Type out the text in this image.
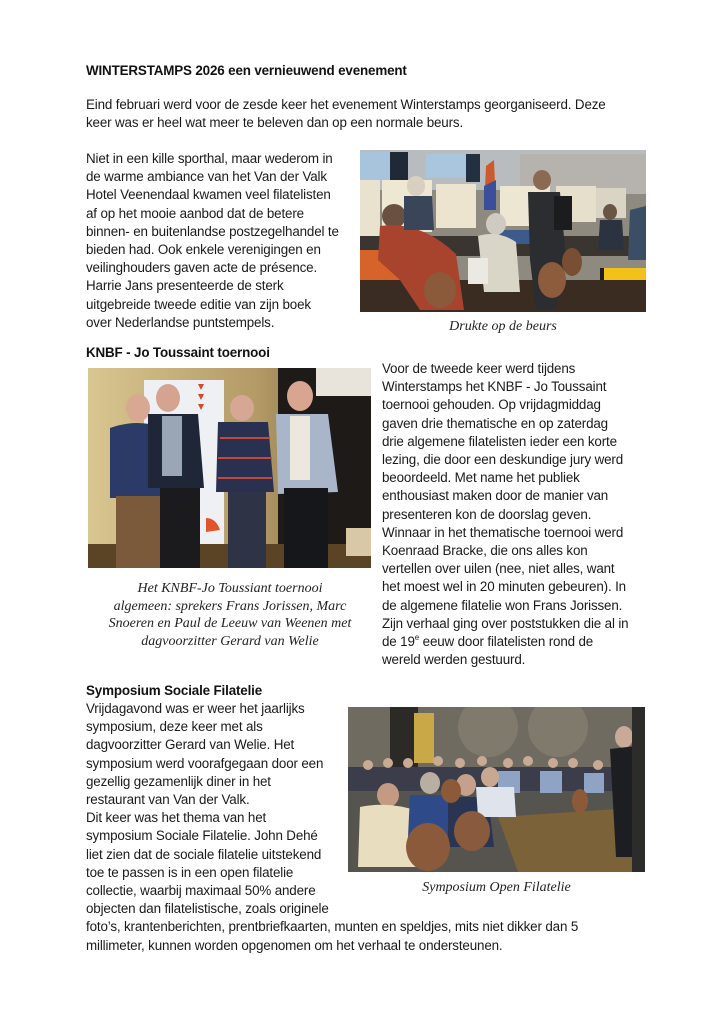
WINTERSTAMPS 2026 een vernieuwend evenement
Eind februari werd voor de zesde keer het evenement Winterstamps georganiseerd. Deze
keer was er heel wat meer te beleven dan op een normale beurs.
Niet in een kille sporthal, maar wederom in
de warme ambiance van het Van der Valk
Hotel Veenendaal kwamen veel filatelisten
af op het mooie aanbod dat de betere
binnen- en buitenlandse postzegelhandel te
bieden had. Ook enkele verenigingen en
veilinghouders gaven acte de présence.
Harrie Jans presenteerde de sterk
uitgebreide tweede editie van zijn boek
over Nederlandse puntstempels.	Drukte op de beurs
KNBF - Jo Toussaint toernooi
Het KNBF-Jo Toussiant toernooi
algemeen: sprekers Frans Jorissen, Marc
Snoeren en Paul de Leeuw van Weenen met
dagvoorzitter Gerard van Welie
Voor de tweede keer werd tijdens
Winterstamps het KNBF - Jo Toussaint
toernooi gehouden. Op vrijdagmiddag
gaven drie thematische en op zaterdag
drie algemene filatelisten ieder een korte
lezing, die door een deskundige jury werd
beoordeeld. Met name het publiek
enthousiast maken door de manier van
presenteren kon de doorslag geven.
Winnaar in het thematische toernooi werd
Koenraad Bracke, die ons alles kon
vertellen over uilen (nee, niet alles, want
het moest wel in 20 minuten gebeuren). In
de algemene filatelie won Frans Jorissen.
Zijn verhaal ging over poststukken die al in
de 19e eeuw door filatelisten rond de
wereld werden gestuurd.
Symposium Sociale Filatelie
Vrijdagavond was er weer het jaarlijks
symposium, deze keer met als
dagvoorzitter Gerard van Welie. Het
symposium werd voorafgegaan door een
gezellig gezamenlijk diner in het
restaurant van Van der Valk.
Dit keer was het thema van het
symposium Sociale Filatelie. John Dehé
liet zien dat de sociale filatelie uitstekend
toe te passen is in een open filatelie
collectie, waarbij maximaal 50% andere
objecten dan filatelistische, zoals originele
foto’s, krantenberichten, prentbriefkaarten, munten en speldjes, mits niet dikker dan 5
millimeter, kunnen worden opgenomen om het verhaal te ondersteunen.
Symposium Open Filatelie
